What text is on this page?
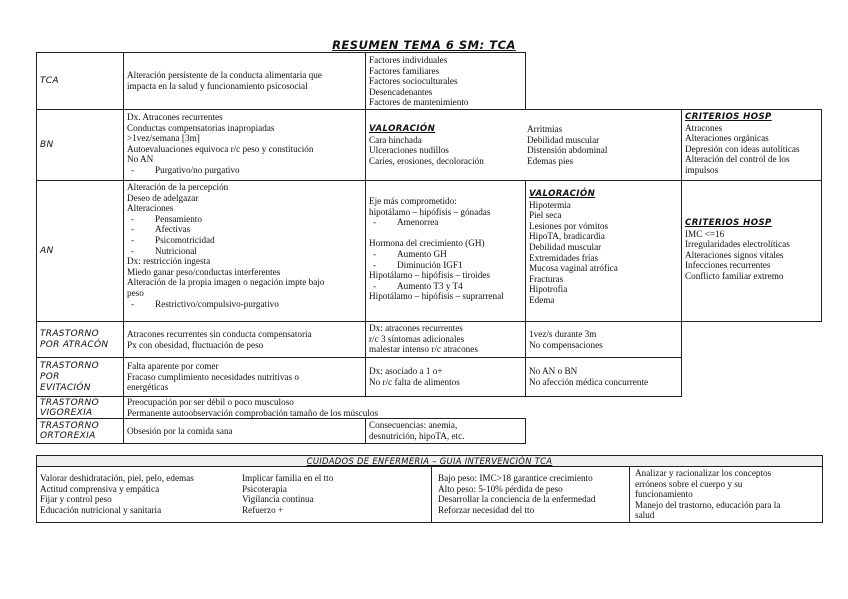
RESUMEN TEMA 6 SM: TCA
TCA
Alteración persistente de la conducta alimentaria que
impacta en la salud y funcionamiento psicosocial
Factores individuales
Factores familiares
Factores socioculturales
Desencadenantes
Factores de mantenimiento
BN
Dx. Atracones recurrentes
Conductas compensatorias inapropiadas
>1vez/semana [3m]
Autoevaluaciones equivoca r/c peso y constitución
No AN
- Purgativo/no purgativo
VALORACIÓN
Cara hinchada
Ulceraciones nudillos
Caries, erosiones, decoloración
Arritmias
Debilidad muscular
Distensión abdominal
Edemas pies
CRITERIOS HOSP
Atracones
Alteraciones orgánicas
Depresión con ideas autolíticas
Alteración del control de los
impulsos
AN
Alteración de la percepción
Deseo de adelgazar
Alteraciones
- Pensamiento
- Afectivas
- Psicomotricidad
- Nutricional
Dx: restricción ingesta
Miedo ganar peso/conductas interferentes
Alteración de la propia imagen o negación impte bajo
peso
- Restrictivo/compulsivo-purgativo
Eje más comprometido:
hipotálamo – hipófisis – gónadas
- Amenorrea
Hormona del crecimiento (GH)
- Aumento GH
- Diminución IGF1
Hipotálamo – hipófisis – tiroides
- Aumento T3 y T4
Hipotálamo – hipófisis – suprarrenal
VALORACIÓN
Hipotermia
Piel seca
Lesiones por vómitos
HipoTA, bradicardia
Debilidad muscular
Extremidades frías
Mucosa vaginal atrófica
Fracturas
Hipotrofia
Edema
CRITERIOS HOSP
IMC <=16
Irregularidades electrolíticas
Alteraciones signos vitales
Infecciones recurrentes
Conflicto familiar extremo
TRASTORNO
POR ATRACÓN
Atracones recurrentes sin conducta compensatoria
Px con obesidad, fluctuación de peso
Dx: atracones recurrentes
r/c 3 síntomas adicionales
malestar intenso r/c atracones
1vez/s durante 3m
No compensaciones
TRASTORNO
POR
EVITACIÓN
Falta aparente por comer
Fracaso cumplimiento necesidades nutritivas o
energéticas
Dx: asociado a 1 o+
No r/c falta de alimentos
No AN o BN
No afección médica concurrente
TRASTORNO
VIGOREXIA
Preocupación por ser débil o poco musculoso
Permanente autoobservación comprobación tamaño de los músculos
TRASTORNO
ORTOREXIA
Obsesión por la comida sana
Consecuencias: anemia,
desnutrición, hipoTA, etc.
CUIDADOS DE ENFERMERIA – GUIA INTERVENCIÓN TCA
Valorar deshidratación, piel, pelo, edemas
Actitud comprensiva y empática
Fijar y control peso
Educación nutricional y sanitaria
Implicar familia en el tto
Psicoterapia
Vigilancia continua
Refuerzo +
Bajo peso: IMC>18 garantice crecimiento
Alto peso: 5-10% pérdida de peso
Desarrollar la conciencia de la enfermedad
Reforzar necesidad del tto
Analizar y racionalizar los conceptos
erróneos sobre el cuerpo y su
funcionamiento
Manejo del trastorno, educación para la
salud
